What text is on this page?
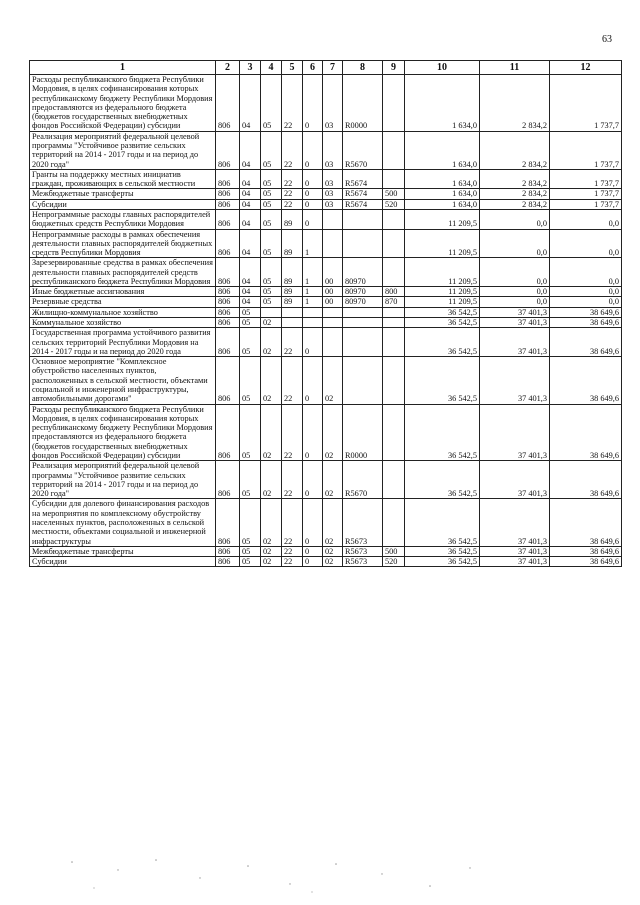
63
1	2	3	4	5	6	7	8	9	10	11	12
Расходы республиканского бюджета Республики Мордовия, в целях софинансирования которых республиканскому бюджету Республики Мордовия предоставляются из федерального бюджета (бюджетов государственных внебюджетных фондов Российской Федерации) субсидии	806	04	05	22	0	03	R0000		1 634,0	2 834,2	1 737,7
Реализация мероприятий федеральной целевой программы "Устойчивое развитие сельских территорий на 2014 - 2017 годы и на период до 2020 года"	806	04	05	22	0	03	R5670		1 634,0	2 834,2	1 737,7
Гранты на поддержку местных инициатив граждан, проживающих в сельской местности	806	04	05	22	0	03	R5674		1 634,0	2 834,2	1 737,7
Межбюджетные трансферты	806	04	05	22	0	03	R5674	500	1 634,0	2 834,2	1 737,7
Субсидии	806	04	05	22	0	03	R5674	520	1 634,0	2 834,2	1 737,7
Непрограммные расходы главных распорядителей бюджетных средств Республики Мордовия	806	04	05	89	0				11 209,5	0,0	0,0
Непрограммные расходы в рамках обеспечения деятельности главных распорядителей бюджетных средств Республики Мордовия	806	04	05	89	1				11 209,5	0,0	0,0
Зарезервированные средства в рамках обеспечения деятельности главных распорядителей средств республиканского бюджета Республики Мордовия	806	04	05	89	1	00	80970		11 209,5	0,0	0,0
Иные бюджетные ассигнования	806	04	05	89	1	00	80970	800	11 209,5	0,0	0,0
Резервные средства	806	04	05	89	1	00	80970	870	11 209,5	0,0	0,0
Жилищно-коммунальное хозяйство	806	05							36 542,5	37 401,3	38 649,6
Коммунальное хозяйство	806	05	02						36 542,5	37 401,3	38 649,6
Государственная программа устойчивого развития сельских территорий Республики Мордовия на 2014 - 2017 годы и на период до 2020 года	806	05	02	22	0				36 542,5	37 401,3	38 649,6
Основное мероприятие "Комплексное обустройство населенных пунктов, расположенных в сельской местности, объектами социальной и инженерной инфраструктуры, автомобильными дорогами"	806	05	02	22	0	02			36 542,5	37 401,3	38 649,6
Расходы республиканского бюджета Республики Мордовия, в целях софинансирования которых республиканскому бюджету Республики Мордовия предоставляются из федерального бюджета (бюджетов государственных внебюджетных фондов Российской Федерации) субсидии	806	05	02	22	0	02	R0000		36 542,5	37 401,3	38 649,6
Реализация мероприятий федеральной целевой программы "Устойчивое развитие сельских территорий на 2014 - 2017 годы и на период до 2020 года"	806	05	02	22	0	02	R5670		36 542,5	37 401,3	38 649,6
Субсидии для долевого финансирования расходов на мероприятия по комплексному обустройству населенных пунктов, расположенных в сельской местности, объектами социальной и инженерной инфраструктуры	806	05	02	22	0	02	R5673		36 542,5	37 401,3	38 649,6
Межбюджетные трансферты	806	05	02	22	0	02	R5673	500	36 542,5	37 401,3	38 649,6
Субсидии	806	05	02	22	0	02	R5673	520	36 542,5	37 401,3	38 649,6
